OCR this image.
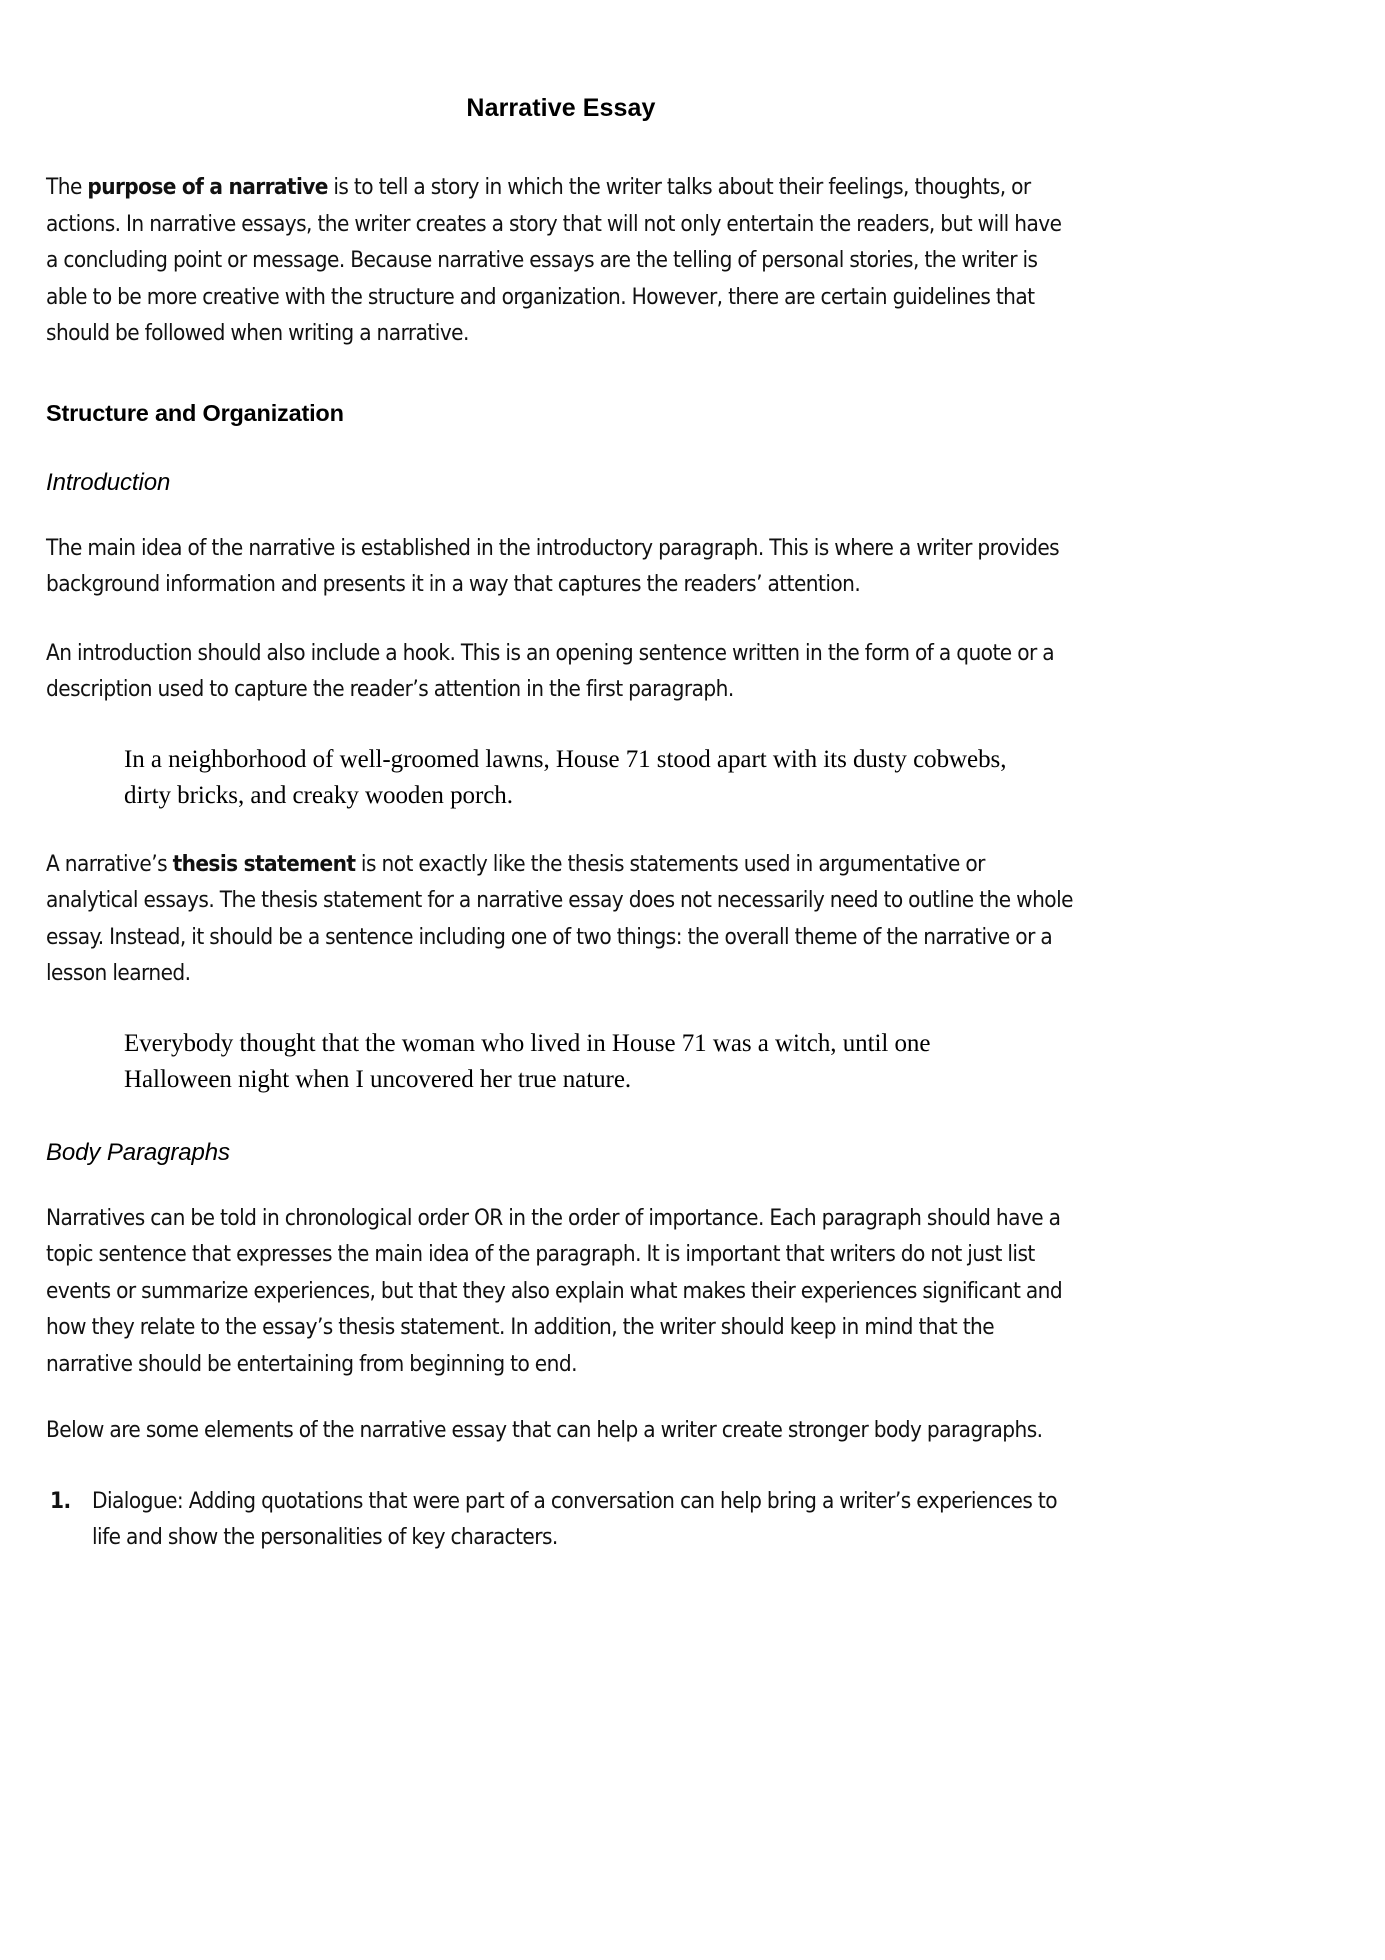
Narrative Essay

The purpose of a narrative is to tell a story in which the writer talks about their feelings, thoughts, or actions. In narrative essays, the writer creates a story that will not only entertain the readers, but will have a concluding point or message. Because narrative essays are the telling of personal stories, the writer is able to be more creative with the structure and organization. However, there are certain guidelines that should be followed when writing a narrative.

Structure and Organization
Introduction

The main idea of the narrative is established in the introductory paragraph. This is where a writer provides background information and presents it in a way that captures the readers’ attention.

An introduction should also include a hook. This is an opening sentence written in the form of a quote or a description used to capture the reader’s attention in the first paragraph.

In a neighborhood of well-groomed lawns, House 71 stood apart with its dusty cobwebs, dirty bricks, and creaky wooden porch.

A narrative’s thesis statement is not exactly like the thesis statements used in argumentative or analytical essays. The thesis statement for a narrative essay does not necessarily need to outline the whole essay. Instead, it should be a sentence including one of two things: the overall theme of the narrative or a lesson learned.

Everybody thought that the woman who lived in House 71 was a witch, until one Halloween night when I uncovered her true nature.

Body Paragraphs

Narratives can be told in chronological order OR in the order of importance. Each paragraph should have a topic sentence that expresses the main idea of the paragraph. It is important that writers do not just list events or summarize experiences, but that they also explain what makes their experiences significant and how they relate to the essay’s thesis statement. In addition, the writer should keep in mind that the narrative should be entertaining from beginning to end.

Below are some elements of the narrative essay that can help a writer create stronger body paragraphs.

1. Dialogue: Adding quotations that were part of a conversation can help bring a writer’s experiences to life and show the personalities of key characters.
